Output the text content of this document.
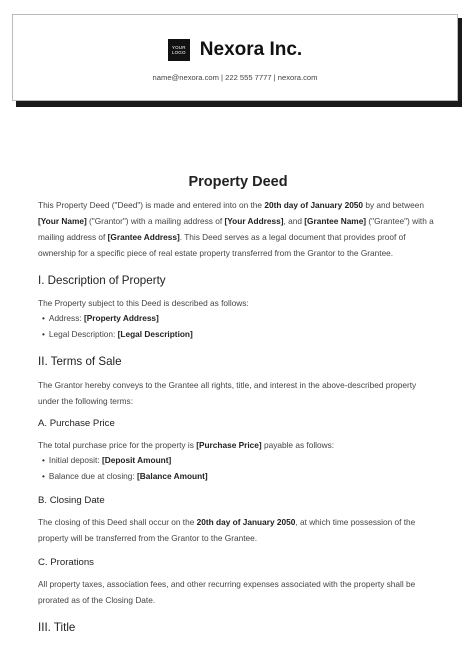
YOUR
LOGO Nexora Inc.
name@nexora.com | 222 555 7777 | nexora.com
Property Deed

This Property Deed ("Deed") is made and entered into on the 20th day of January 2050 by and between [Your Name] ("Grantor") with a mailing address of [Your Address], and [Grantee Name] ("Grantee") with a mailing address of [Grantee Address]. This Deed serves as a legal document that provides proof of ownership for a specific piece of real estate property transferred from the Grantor to the Grantee.

I. Description of Property

The Property subject to this Deed is described as follows:

• Address: [Property Address]
• Legal Description: [Legal Description]
II. Terms of Sale

The Grantor hereby conveys to the Grantee all rights, title, and interest in the above-described property under the following terms:

A. Purchase Price

The total purchase price for the property is [Purchase Price] payable as follows:

• Initial deposit: [Deposit Amount]
• Balance due at closing: [Balance Amount]
B. Closing Date

The closing of this Deed shall occur on the 20th day of January 2050, at which time possession of the property will be transferred from the Grantor to the Grantee.

C. Prorations

All property taxes, association fees, and other recurring expenses associated with the property shall be prorated as of the Closing Date.

III. Title
